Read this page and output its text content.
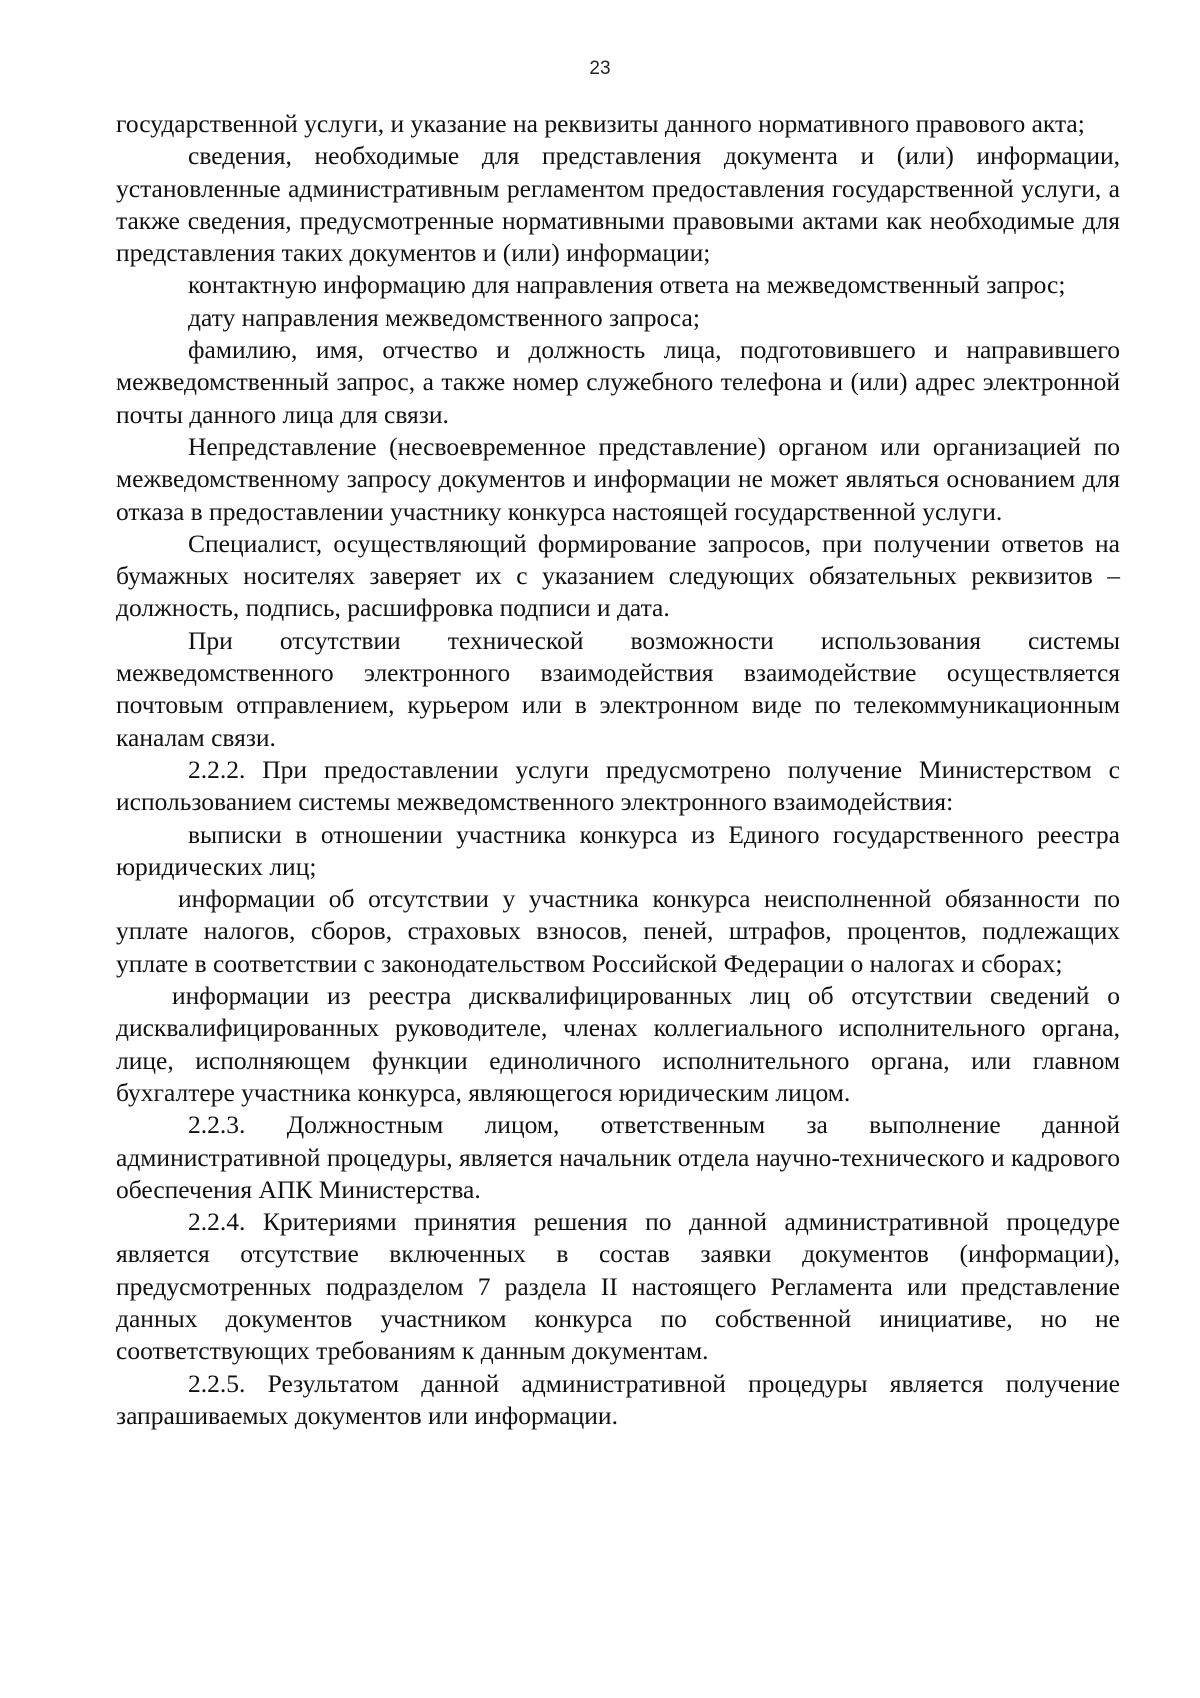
23

государственной услуги, и указание на реквизиты данного нормативного правового акта;

сведения, необходимые для представления документа и (или) информации, установленные административным регламентом предоставления государственной услуги, а также сведения, предусмотренные нормативными правовыми актами как необходимые для представления таких документов и (или) информации;

контактную информацию для направления ответа на межведомственный запрос;

дату направления межведомственного запроса;

фамилию, имя, отчество и должность лица, подготовившего и направившего межведомственный запрос, а также номер служебного телефона и (или) адрес электронной почты данного лица для связи.

Непредставление (несвоевременное представление) органом или организацией по межведомственному запросу документов и информации не может являться основанием для отказа в предоставлении участнику конкурса настоящей государственной услуги.

Специалист, осуществляющий формирование запросов, при получении ответов на бумажных носителях заверяет их с указанием следующих обязательных реквизитов – должность, подпись, расшифровка подписи и дата.

При отсутствии технической возможности использования системы межведомственного электронного взаимодействия взаимодействие осуществляется почтовым отправлением, курьером или в электронном виде по телекоммуникационным каналам связи.

2.2.2. При предоставлении услуги предусмотрено получение Министерством с использованием системы межведомственного электронного взаимодействия:

выписки в отношении участника конкурса из Единого государственного реестра юридических лиц;

информации об отсутствии у участника конкурса неисполненной обязанности по уплате налогов, сборов, страховых взносов, пеней, штрафов, процентов, подлежащих уплате в соответствии с законодательством Российской Федерации о налогах и сборах;

информации из реестра дисквалифицированных лиц об отсутствии сведений о дисквалифицированных руководителе, членах коллегиального исполнительного органа, лице, исполняющем функции единоличного исполнительного органа, или главном бухгалтере участника конкурса, являющегося юридическим лицом.

2.2.3. Должностным лицом, ответственным за выполнение данной административной процедуры, является начальник отдела научно-технического и кадрового обеспечения АПК Министерства.

2.2.4. Критериями принятия решения по данной административной процедуре является отсутствие включенных в состав заявки документов (информации), предусмотренных подразделом 7 раздела II настоящего Регламента или представление данных документов участником конкурса по собственной инициативе, но не соответствующих требованиям к данным документам.

2.2.5. Результатом данной административной процедуры является получение запрашиваемых документов или информации.
